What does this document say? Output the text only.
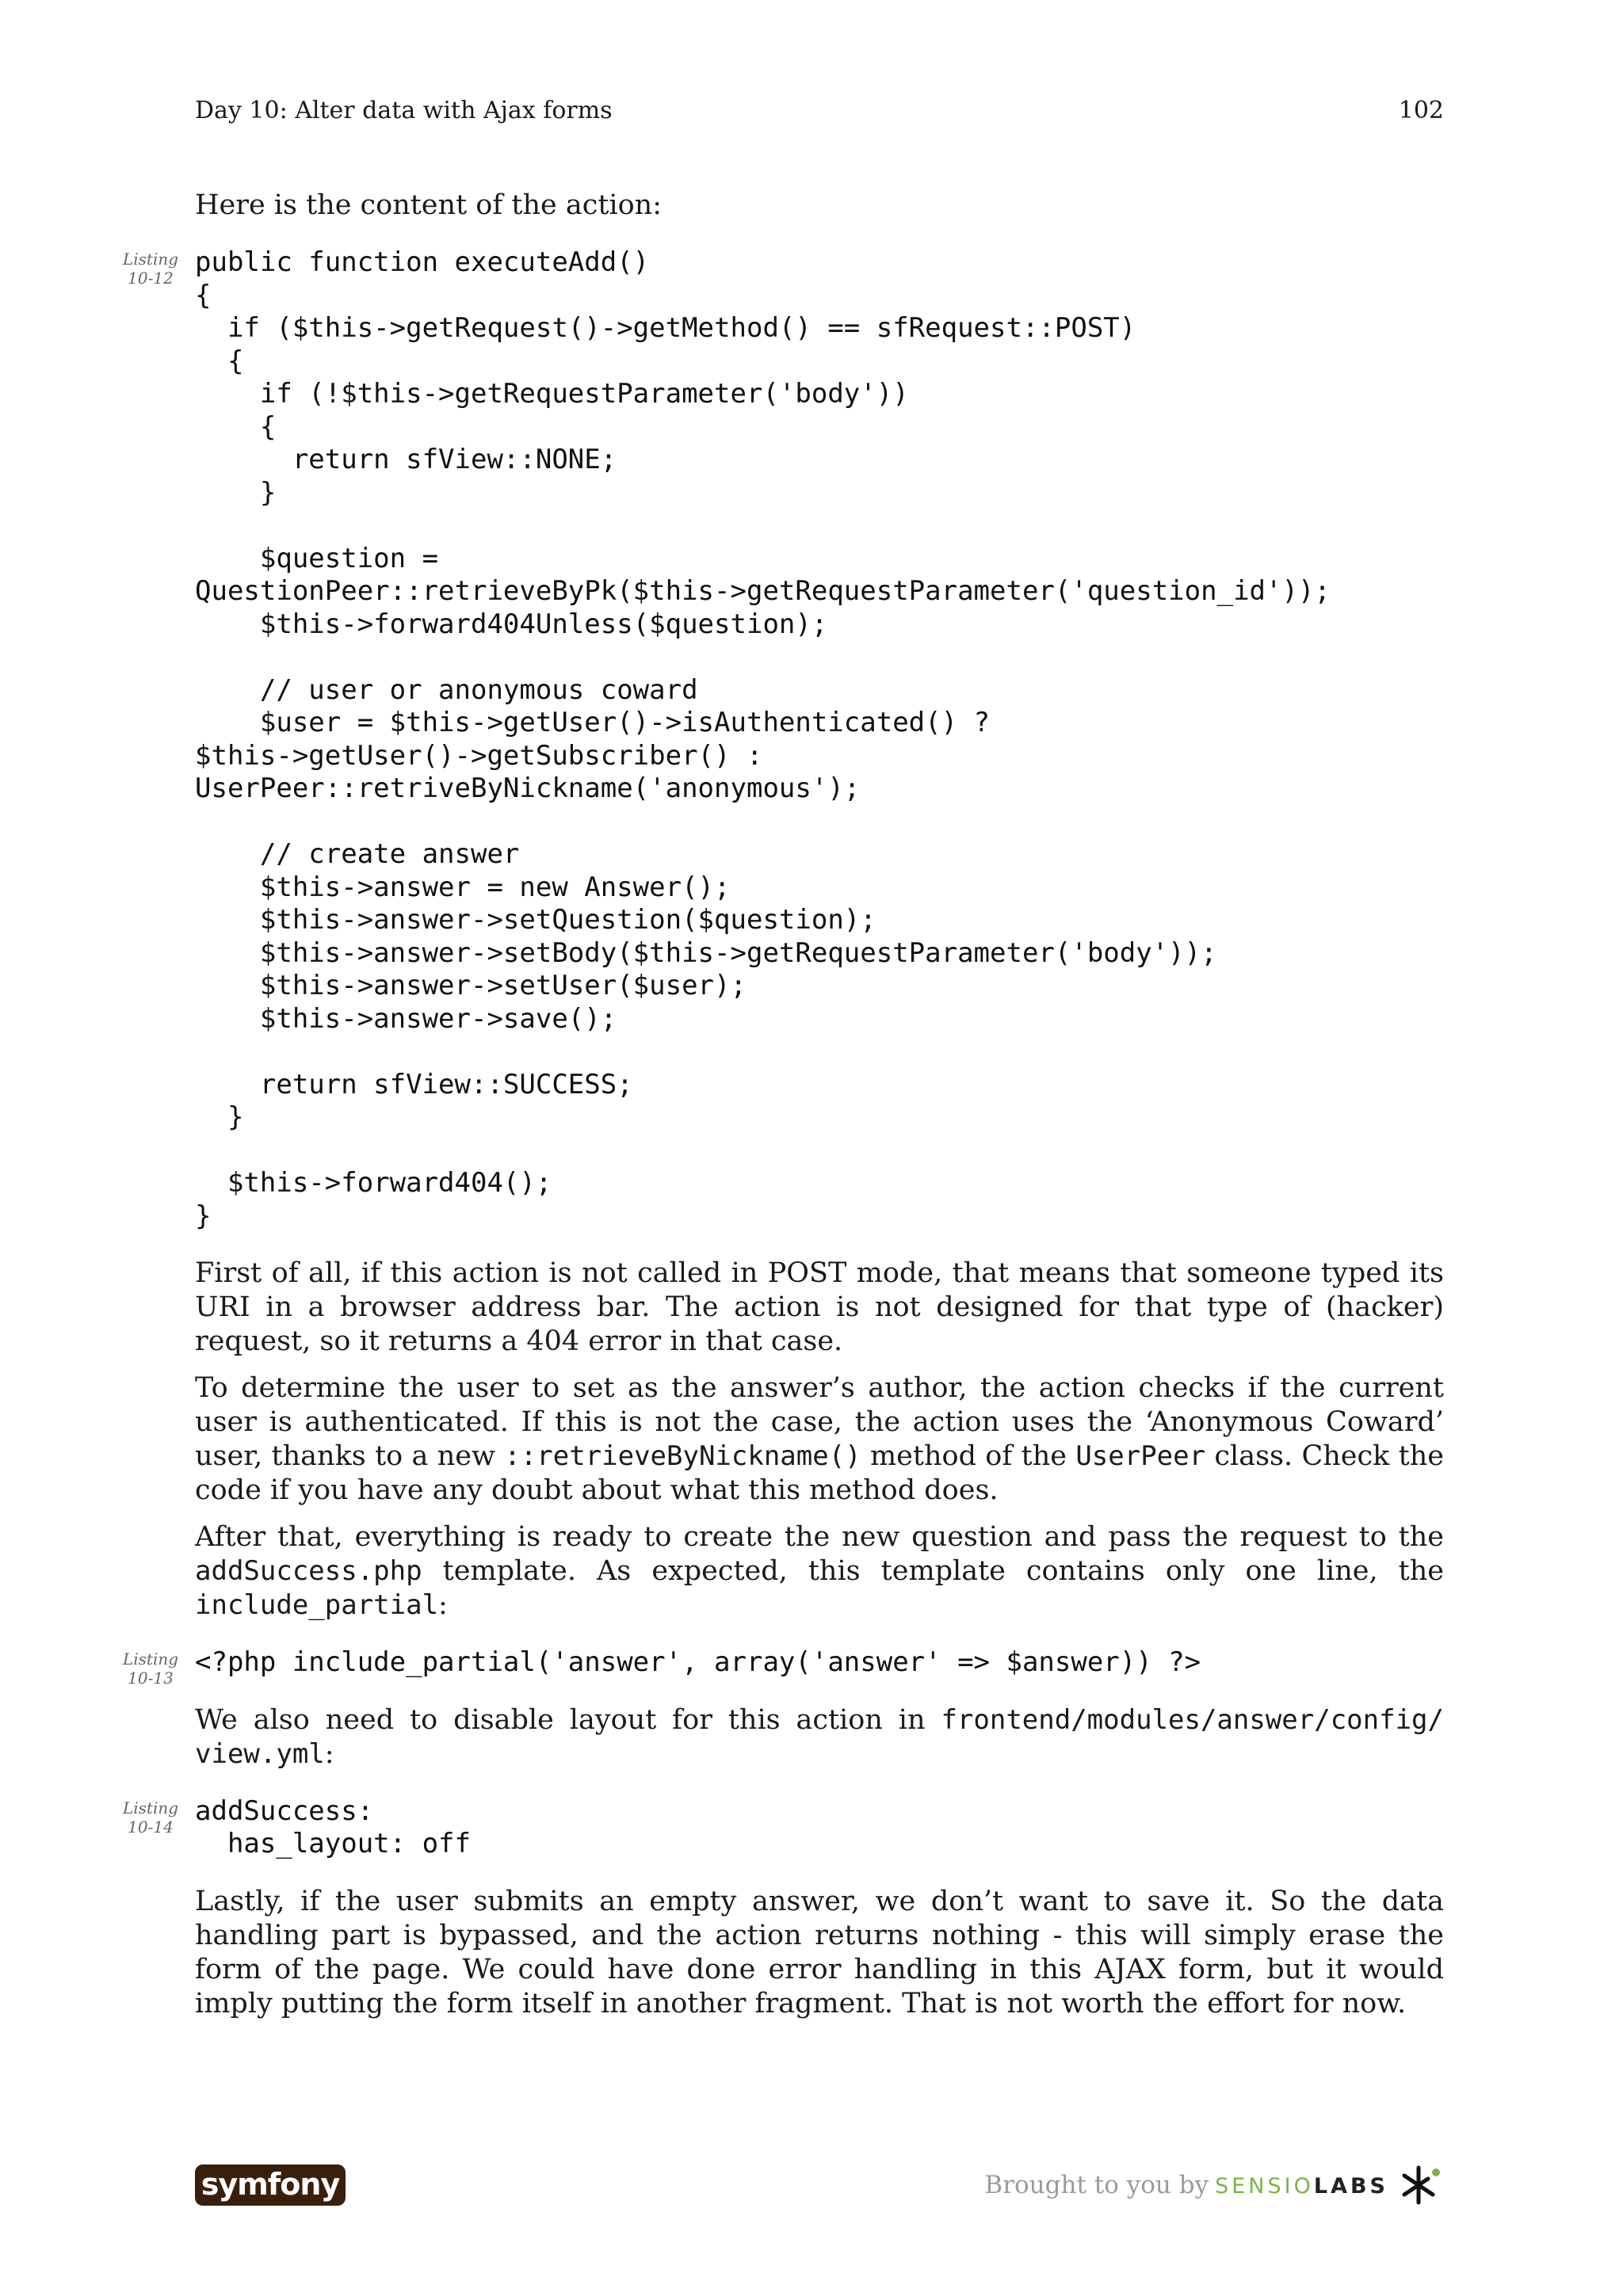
Day 10: Alter data with Ajax forms	102

Here is the content of the action:

Listing
10-12 public function executeAdd()
{
if ($this->getRequest()->getMethod() == sfRequest::POST)
{
if (!$this->getRequestParameter('body'))
{
return sfView::NONE;
}

$question =
QuestionPeer::retrieveByPk($this->getRequestParameter('question_id'));
$this->forward404Unless($question);

// user or anonymous coward
$user = $this->getUser()->isAuthenticated() ?
$this->getUser()->getSubscriber() :
UserPeer::retriveByNickname('anonymous');

// create answer
$this->answer = new Answer();
$this->answer->setQuestion($question);
$this->answer->setBody($this->getRequestParameter('body'));
$this->answer->setUser($user);
$this->answer->save();

return sfView::SUCCESS;
}

$this->forward404();
}

First of all, if this action is not called in POST mode, that means that someone typed its URI in a browser address bar. The action is not designed for that type of (hacker) request, so it returns a 404 error in that case.

To determine the user to set as the answer’s author, the action checks if the current user is authenticated. If this is not the case, the action uses the ‘Anonymous Coward’ user, thanks to a new ::retrieveByNickname() method of the UserPeer class. Check the code if you have any doubt about what this method does.

After that, everything is ready to create the new question and pass the request to the addSuccess.php template. As expected, this template contains only one line, the include_partial:

Listing
10-13 <?php include_partial('answer', array('answer' => $answer)) ?>

We also need to disable layout for this action in frontend/modules/answer/config/ view.yml:

Listing
10-14 addSuccess:
has_layout: off

Lastly, if the user submits an empty answer, we don’t want to save it. So the data handling part is bypassed, and the action returns nothing - this will simply erase the form of the page. We could have done error handling in this AJAX form, but it would imply putting the form itself in another fragment. That is not worth the effort for now.

symfony	Brought to you by SENSIOLABS
